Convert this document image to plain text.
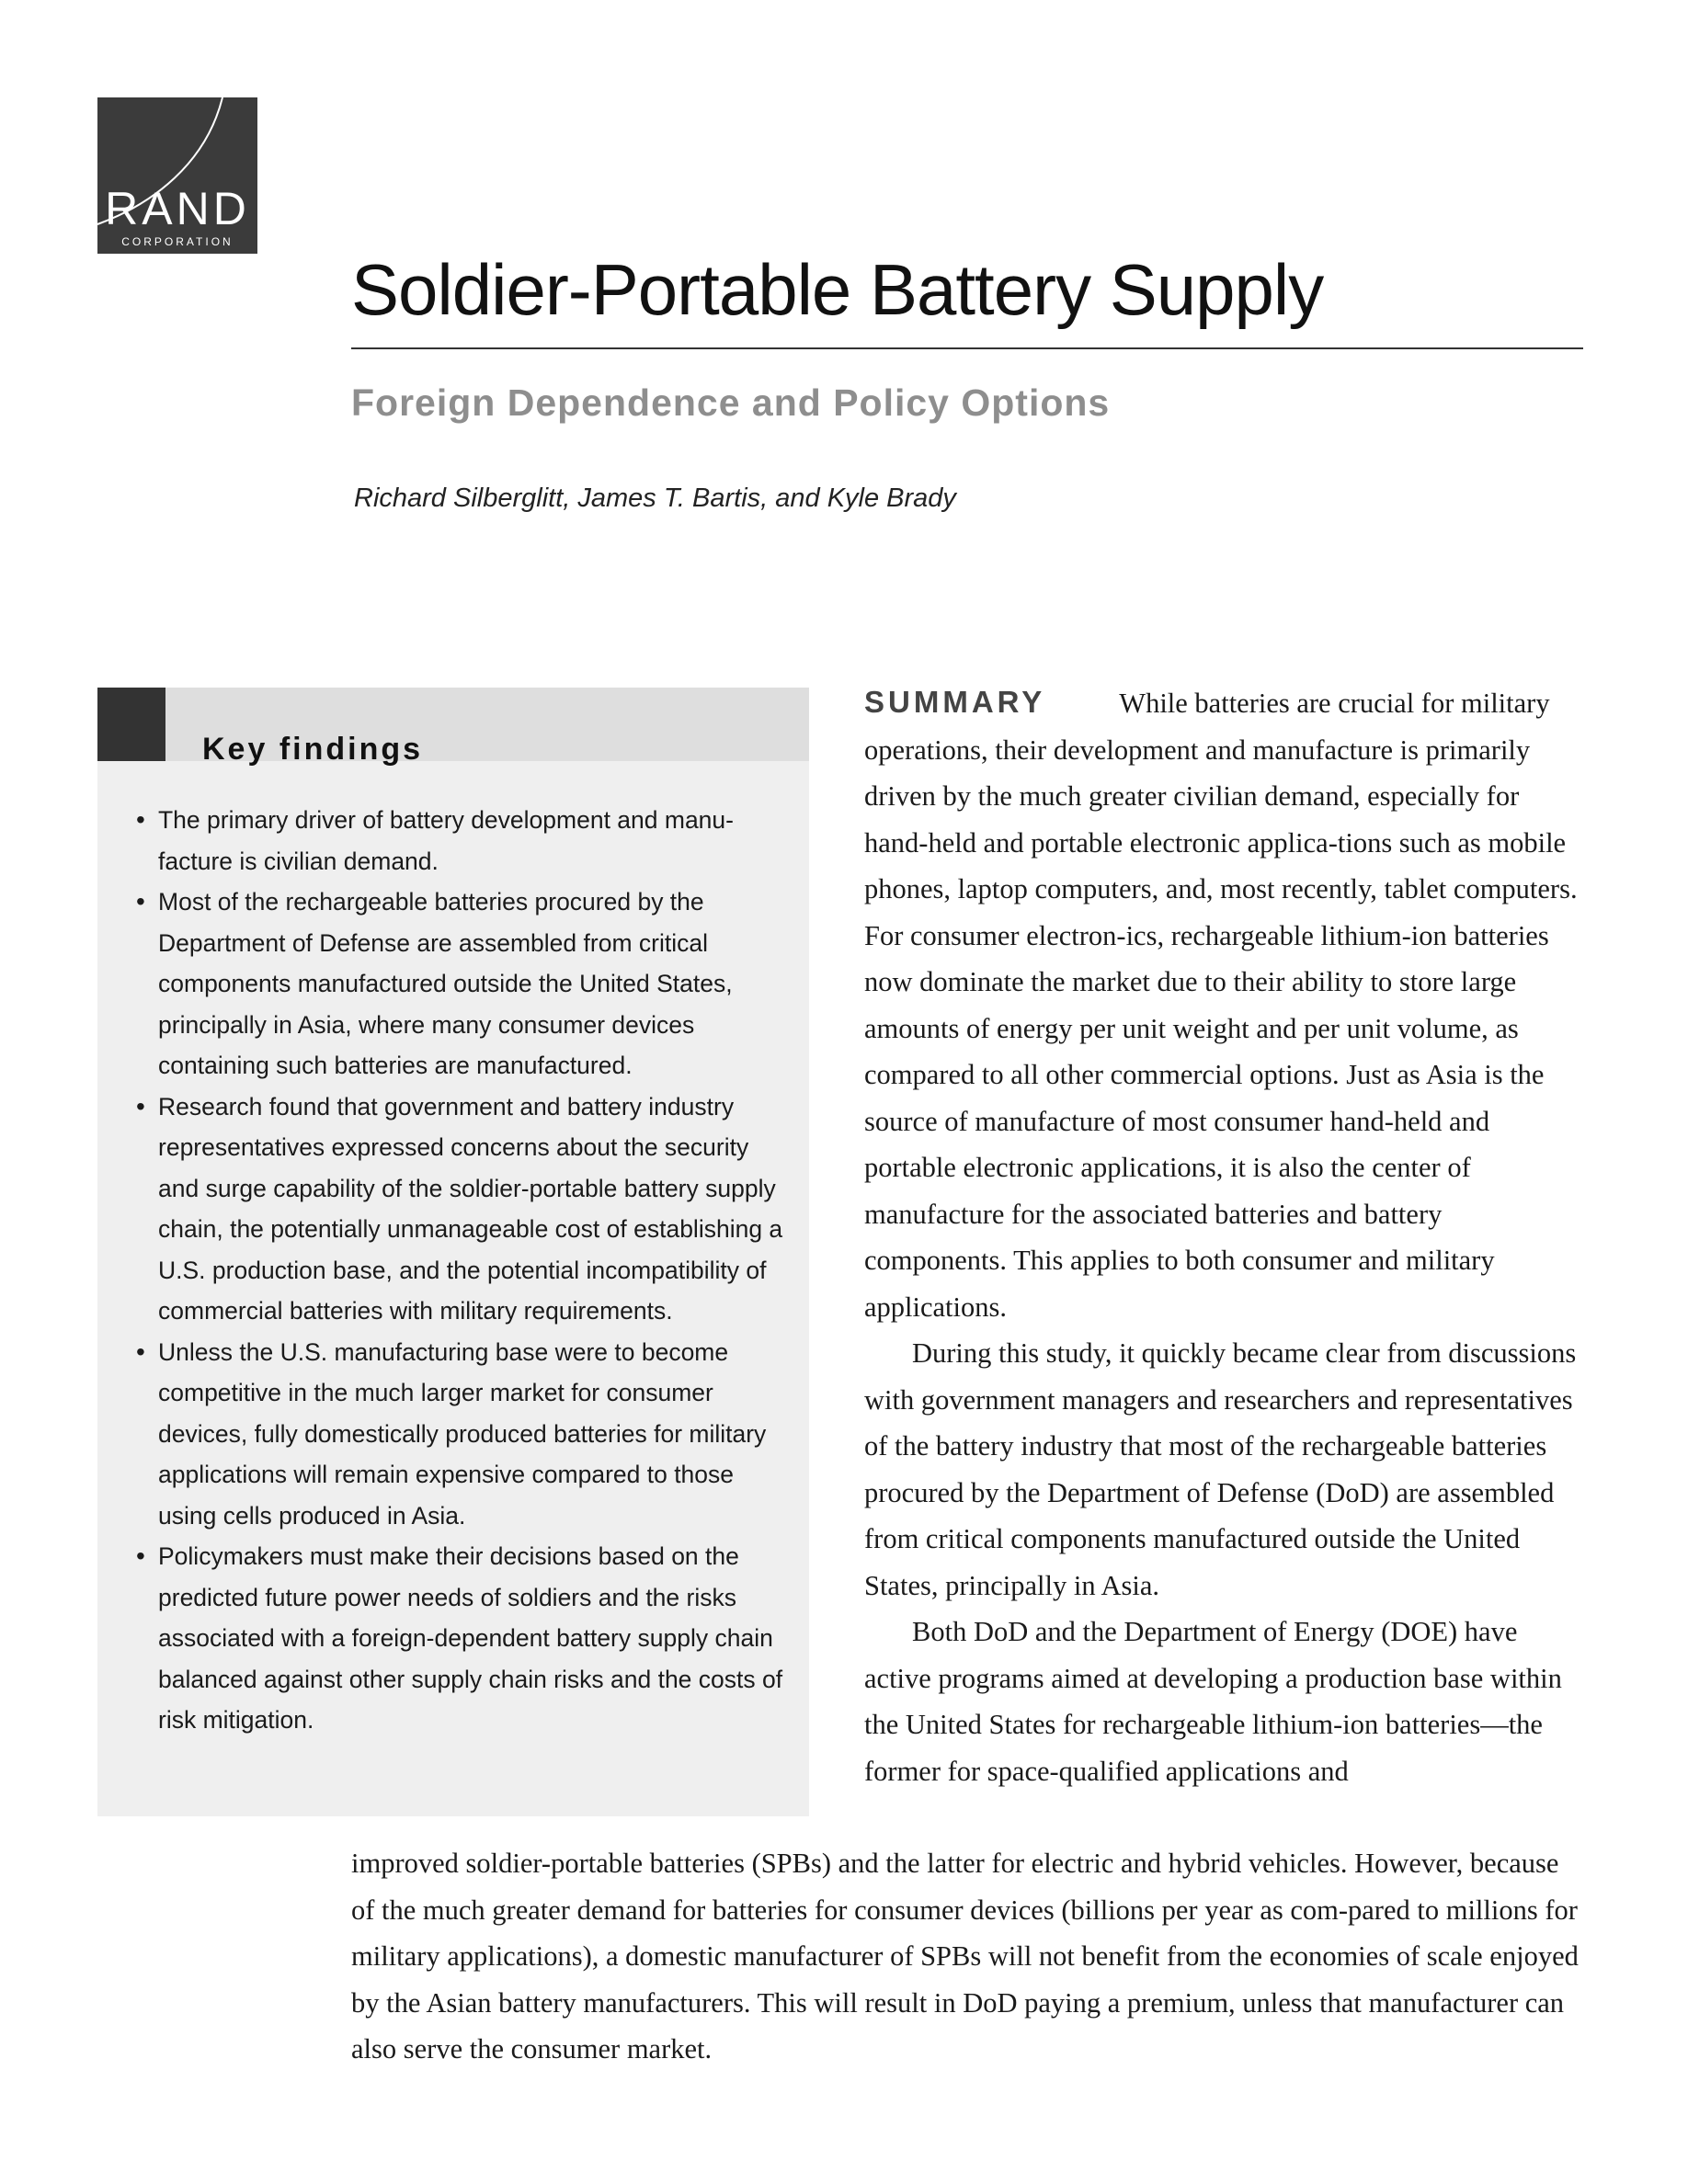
RAND
CORPORATION
Soldier-Portable Battery Supply
Foreign Dependence and Policy Options
Richard Silberglitt, James T. Bartis, and Kyle Brady
Key findings
• The primary driver of battery development and manu-facture is civilian demand.
• Most of the rechargeable batteries procured by the Department of Defense are assembled from critical components manufactured outside the United States, principally in Asia, where many consumer devices containing such batteries are manufactured.
• Research found that government and battery industry representatives expressed concerns about the security and surge capability of the soldier-portable battery supply chain, the potentially unmanageable cost of establishing a U.S. production base, and the potential incompatibility of commercial batteries with military requirements.
• Unless the U.S. manufacturing base were to become competitive in the much larger market for consumer devices, fully domestically produced batteries for military applications will remain expensive compared to those using cells produced in Asia.
• Policymakers must make their decisions based on the predicted future power needs of soldiers and the risks associated with a foreign-dependent battery supply chain balanced against other supply chain risks and the costs of risk mitigation.

SUMMARY	While batteries are crucial for military operations, their development and manufacture is primarily driven by the much greater civilian demand, especially for hand-held and portable electronic applica-tions such as mobile phones, laptop computers, and, most recently, tablet computers. For consumer electron-ics, rechargeable lithium-ion batteries now dominate the market due to their ability to store large amounts of energy per unit weight and per unit volume, as compared to all other commercial options. Just as Asia is the source of manufacture of most consumer hand-held and portable electronic applications, it is also the center of manufacture for the associated batteries and battery components. This applies to both consumer and military applications.

During this study, it quickly became clear from discussions with government managers and researchers and representatives of the battery industry that most of the rechargeable batteries procured by the Department of Defense (DoD) are assembled from critical components manufactured outside the United States, principally in Asia.

Both DoD and the Department of Energy (DOE) have active programs aimed at developing a production base within the United States for rechargeable lithium-ion batteries—the former for space-qualified applications and

improved soldier-portable batteries (SPBs) and the latter for electric and hybrid vehicles. However, because of the much greater demand for batteries for consumer devices (billions per year as com-pared to millions for military applications), a domestic manufacturer of SPBs will not benefit from the economies of scale enjoyed by the Asian battery manufacturers. This will result in DoD paying a premium, unless that manufacturer can also serve the consumer market.
